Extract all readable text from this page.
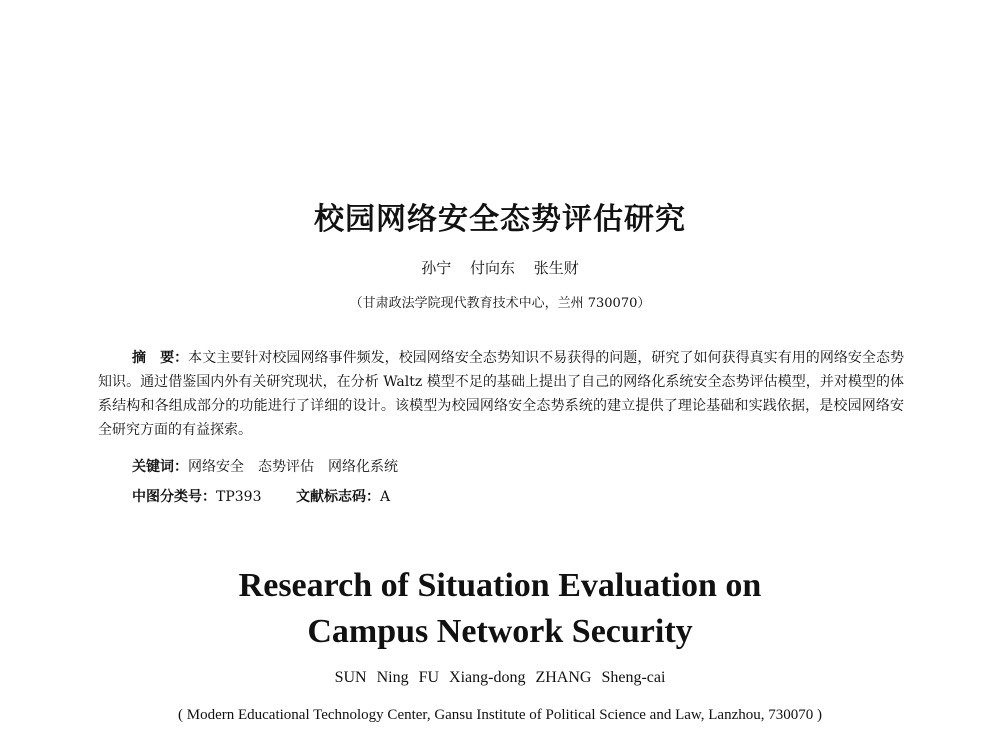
校园网络安全态势评估研究
孙宁 付向东 张生财
（甘肃政法学院现代教育技术中心，兰州 730070）
摘　要：本文主要针对校园网络事件频发，校园网络安全态势知识不易获得的问题，研究了如何获得真实有用的网络安全态势知识。通过借鉴国内外有关研究现状，在分析 Waltz 模型不足的基础上提出了自己的网络化系统安全态势评估模型，并对模型的体系结构和各组成部分的功能进行了详细的设计。该模型为校园网络安全态势系统的建立提供了理论基础和实践依据，是校园网络安全研究方面的有益探索。
关键词：网络安全 态势评估 网络化系统
中图分类号：TP393 文献标志码：A
Research of Situation Evaluation on
Campus Network Security
SUN Ning FU Xiang-dong ZHANG Sheng-cai
( Modern Educational Technology Center, Gansu Institute of Political Science and Law, Lanzhou, 730070 )
